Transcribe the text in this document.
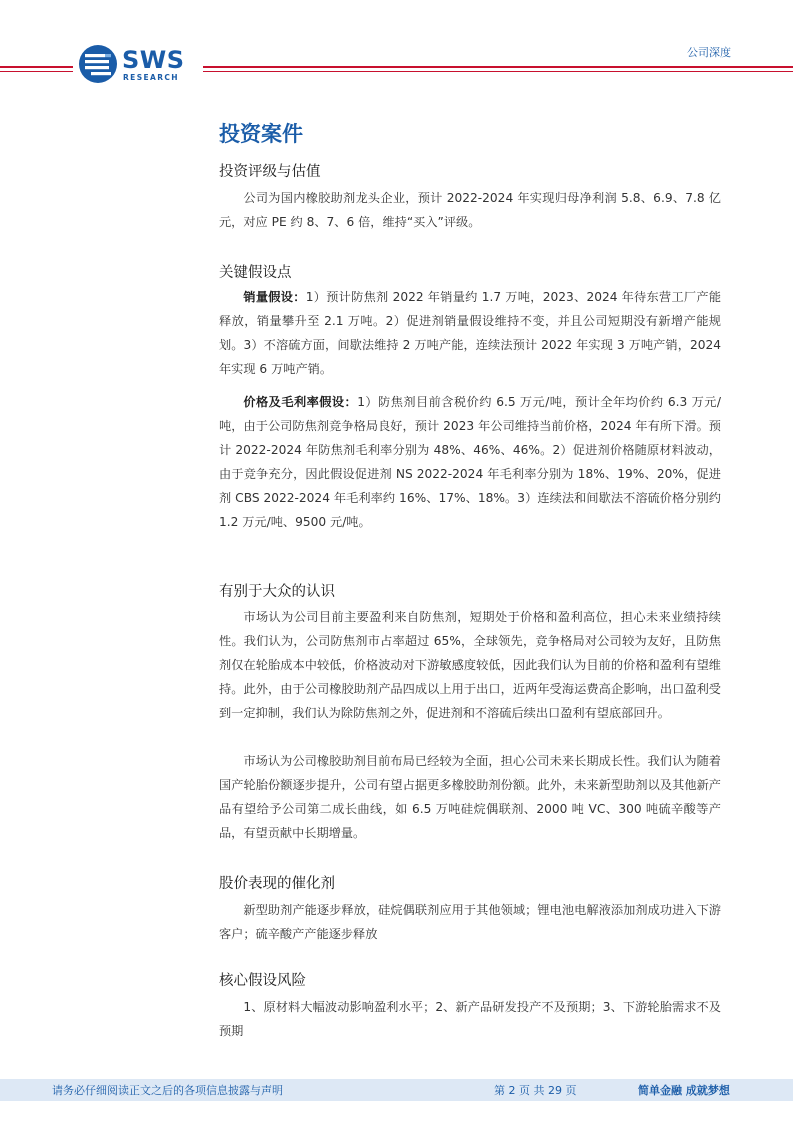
SWS
RESEARCH
公司深度
投资案件
投资评级与估值

公司为国内橡胶助剂龙头企业，预计 2022-2024 年实现归母净利润 5.8、6.9、7.8 亿元，对应 PE 约 8、7、6 倍，维持“买入”评级。

关键假设点

销量假设：1）预计防焦剂 2022 年销量约 1.7 万吨，2023、2024 年待东营工厂产能释放，销量攀升至 2.1 万吨。2）促进剂销量假设维持不变，并且公司短期没有新增产能规划。3）不溶硫方面，间歇法维持 2 万吨产能，连续法预计 2022 年实现 3 万吨产销，2024 年实现 6 万吨产销。

价格及毛利率假设：1）防焦剂目前含税价约 6.5 万元/吨，预计全年均价约 6.3 万元/吨，由于公司防焦剂竞争格局良好，预计 2023 年公司维持当前价格，2024 年有所下滑。预计 2022-2024 年防焦剂毛利率分别为 48%、46%、46%。2）促进剂价格随原材料波动，由于竞争充分，因此假设促进剂 NS 2022-2024 年毛利率分别为 18%、19%、20%，促进剂 CBS 2022-2024 年毛利率约 16%、17%、18%。3）连续法和间歇法不溶硫价格分别约 1.2 万元/吨、9500 元/吨。

有别于大众的认识

市场认为公司目前主要盈利来自防焦剂，短期处于价格和盈利高位，担心未来业绩持续性。我们认为，公司防焦剂市占率超过 65%，全球领先，竞争格局对公司较为友好，且防焦剂仅在轮胎成本中较低，价格波动对下游敏感度较低，因此我们认为目前的价格和盈利有望维持。此外，由于公司橡胶助剂产品四成以上用于出口，近两年受海运费高企影响，出口盈利受到一定抑制，我们认为除防焦剂之外，促进剂和不溶硫后续出口盈利有望底部回升。

市场认为公司橡胶助剂目前布局已经较为全面，担心公司未来长期成长性。我们认为随着国产轮胎份额逐步提升，公司有望占据更多橡胶助剂份额。此外，未来新型助剂以及其他新产品有望给予公司第二成长曲线，如 6.5 万吨硅烷偶联剂、2000 吨 VC、300 吨硫辛酸等产品，有望贡献中长期增量。

股价表现的催化剂

新型助剂产能逐步释放，硅烷偶联剂应用于其他领域；锂电池电解液添加剂成功进入下游客户；硫辛酸产产能逐步释放

核心假设风险

1、原材料大幅波动影响盈利水平；2、新产品研发投产不及预期；3、下游轮胎需求不及预期

请务必仔细阅读正文之后的各项信息披露与声明	第 2 页 共 29 页	简单金融 成就梦想
